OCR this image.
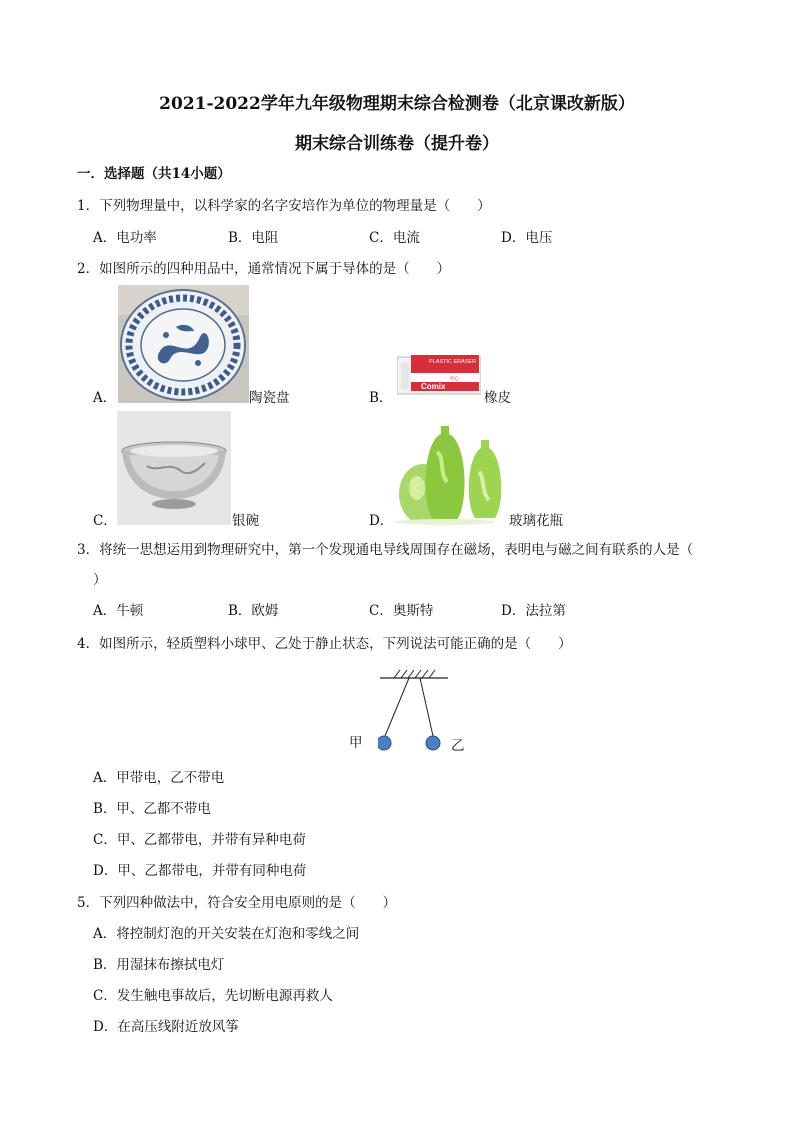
2021-2022学年九年级物理期末综合检测卷（北京课改新版）
期末综合训练卷（提升卷）
一．选择题（共14小题）
1．下列物理量中，以科学家的名字安培作为单位的物理量是（　　）
A．电功率	B．电阻	C．电流	D．电压
2．如图所示的四种用品中，通常情况下属于导体的是（　　）
A．	陶瓷盘
PLASTIC ERASER
Comix
齐心
B．	橡皮
C．	银碗	D．	玻璃花瓶
3．将统一思想运用到物理研究中，第一个发现通电导线周围存在磁场，表明电与磁之间有联系的人是（
）
A．牛顿	B．欧姆	C．奥斯特	D．法拉第
4．如图所示，轻质塑料小球甲、乙处于静止状态，下列说法可能正确的是（　　）
甲	乙
A．甲带电，乙不带电
B．甲、乙都不带电
C．甲、乙都带电，并带有异种电荷
D．甲、乙都带电，并带有同种电荷
5．下列四种做法中，符合安全用电原则的是（　　）
A．将控制灯泡的开关安装在灯泡和零线之间
B．用湿抹布擦拭电灯
C．发生触电事故后，先切断电源再救人
D．在高压线附近放风筝
